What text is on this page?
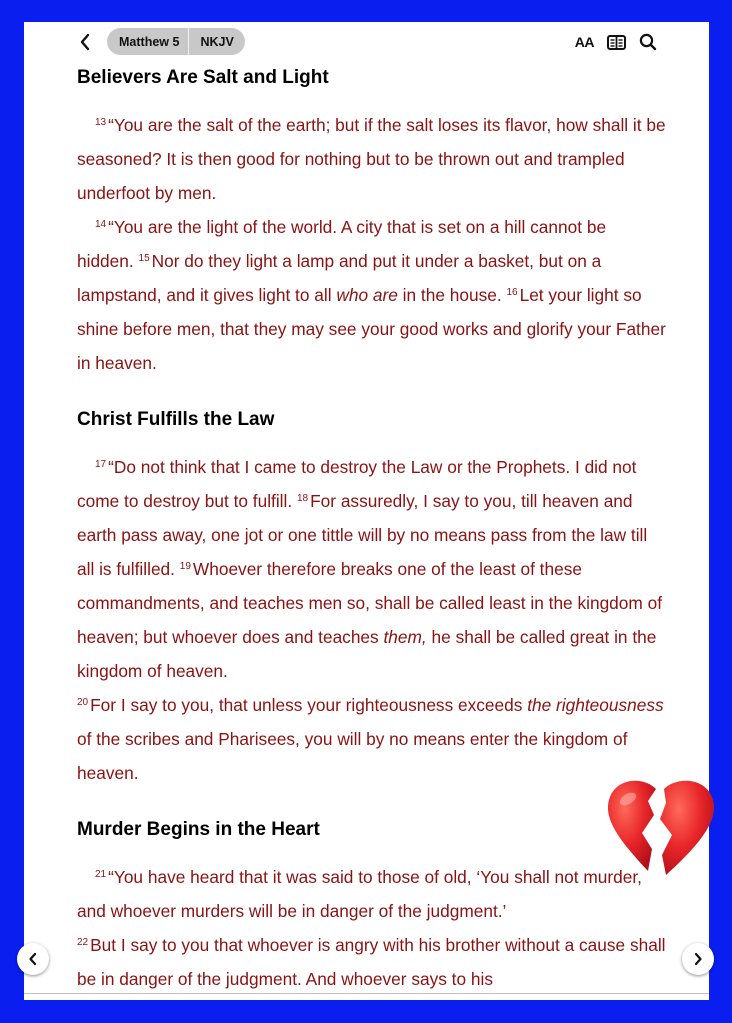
Matthew 5	NKJV	AA
Believers Are Salt and Light

$^{13}$ “You are the salt of the earth; but if the salt loses its flavor, how shall it be seasoned? It is then good for nothing but to be thrown out and trampled underfoot by men.

$^{14}$ “You are the light of the world. A city that is set on a hill cannot be hidden. $^{15}$ Nor do they light a lamp and put it under a basket, but on a lampstand, and it gives light to all who are in the house. $^{16}$ Let your light so shine before men, that they may see your good works and glorify your Father in heaven.

Christ Fulfills the Law

$^{17}$ “Do not think that I came to destroy the Law or the Prophets. I did not come to destroy but to fulfill. $^{18}$ For assuredly, I say to you, till heaven and earth pass away, one jot or one tittle will by no means pass from the law till all is fulfilled. $^{19}$ Whoever therefore breaks one of the least of these commandments, and teaches men so, shall be called least in the kingdom of heaven; but whoever does and teaches them, he shall be called great in the kingdom of heaven.

$^{20}$ For I say to you, that unless your righteousness exceeds the righteousness of the scribes and Pharisees, you will by no means enter the kingdom of heaven.

Murder Begins in the Heart

$^{21}$ “You have heard that it was said to those of old, ‘You shall not murder, and whoever murders will be in danger of the judgment.’

$^{22}$ But I say to you that whoever is angry with his brother without a cause shall be in danger of the judgment. And whoever says to his
